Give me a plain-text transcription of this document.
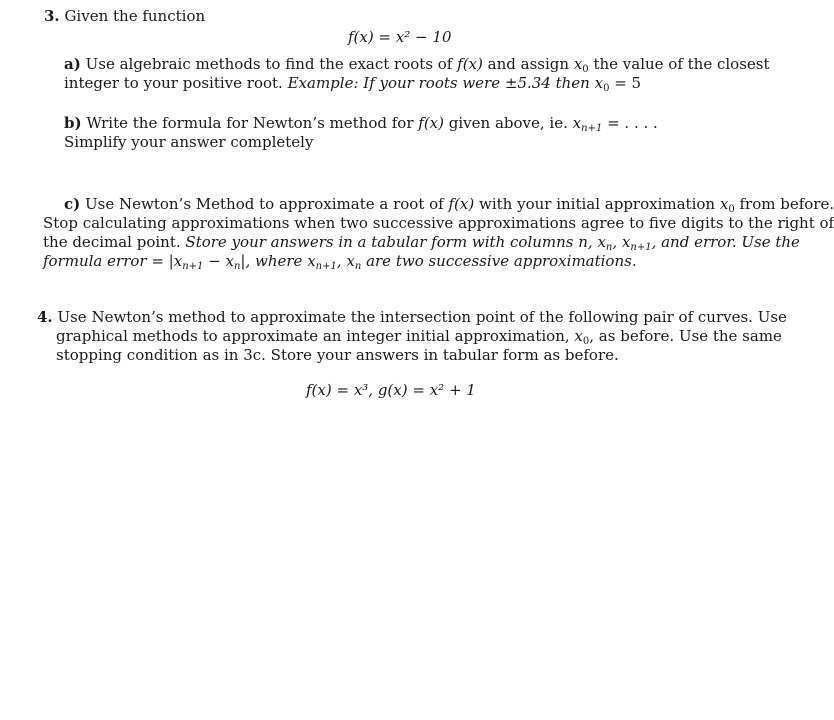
3. Given the function
f(x) = x² − 10
a) Use algebraic methods to find the exact roots of f(x) and assign $x_0$ the value of the closest
integer to your positive root. Example: If your roots were ±5.34 then $x_0 = 5$
b) Write the formula for Newton’s method for f(x) given above, ie. $x_{n+1}$ = . . . .
Simplify your answer completely
c) Use Newton’s Method to approximate a root of f(x) with your initial approximation $x_0$ from before.
Stop calculating approximations when two successive approximations agree to five digits to the right of
the decimal point. Store your answers in a tabular form with columns n, $x_n$, $x_{n+1}$, and error. Use the
formula error = $|x_{n+1} - x_n|$, where $x_{n+1}$, $x_n$ are two successive approximations.
4. Use Newton’s method to approximate the intersection point of the following pair of curves. Use
graphical methods to approximate an integer initial approximation, $x_0$, as before. Use the same
stopping condition as in 3c. Store your answers in tabular form as before.
f(x) = x³, g(x) = x² + 1
